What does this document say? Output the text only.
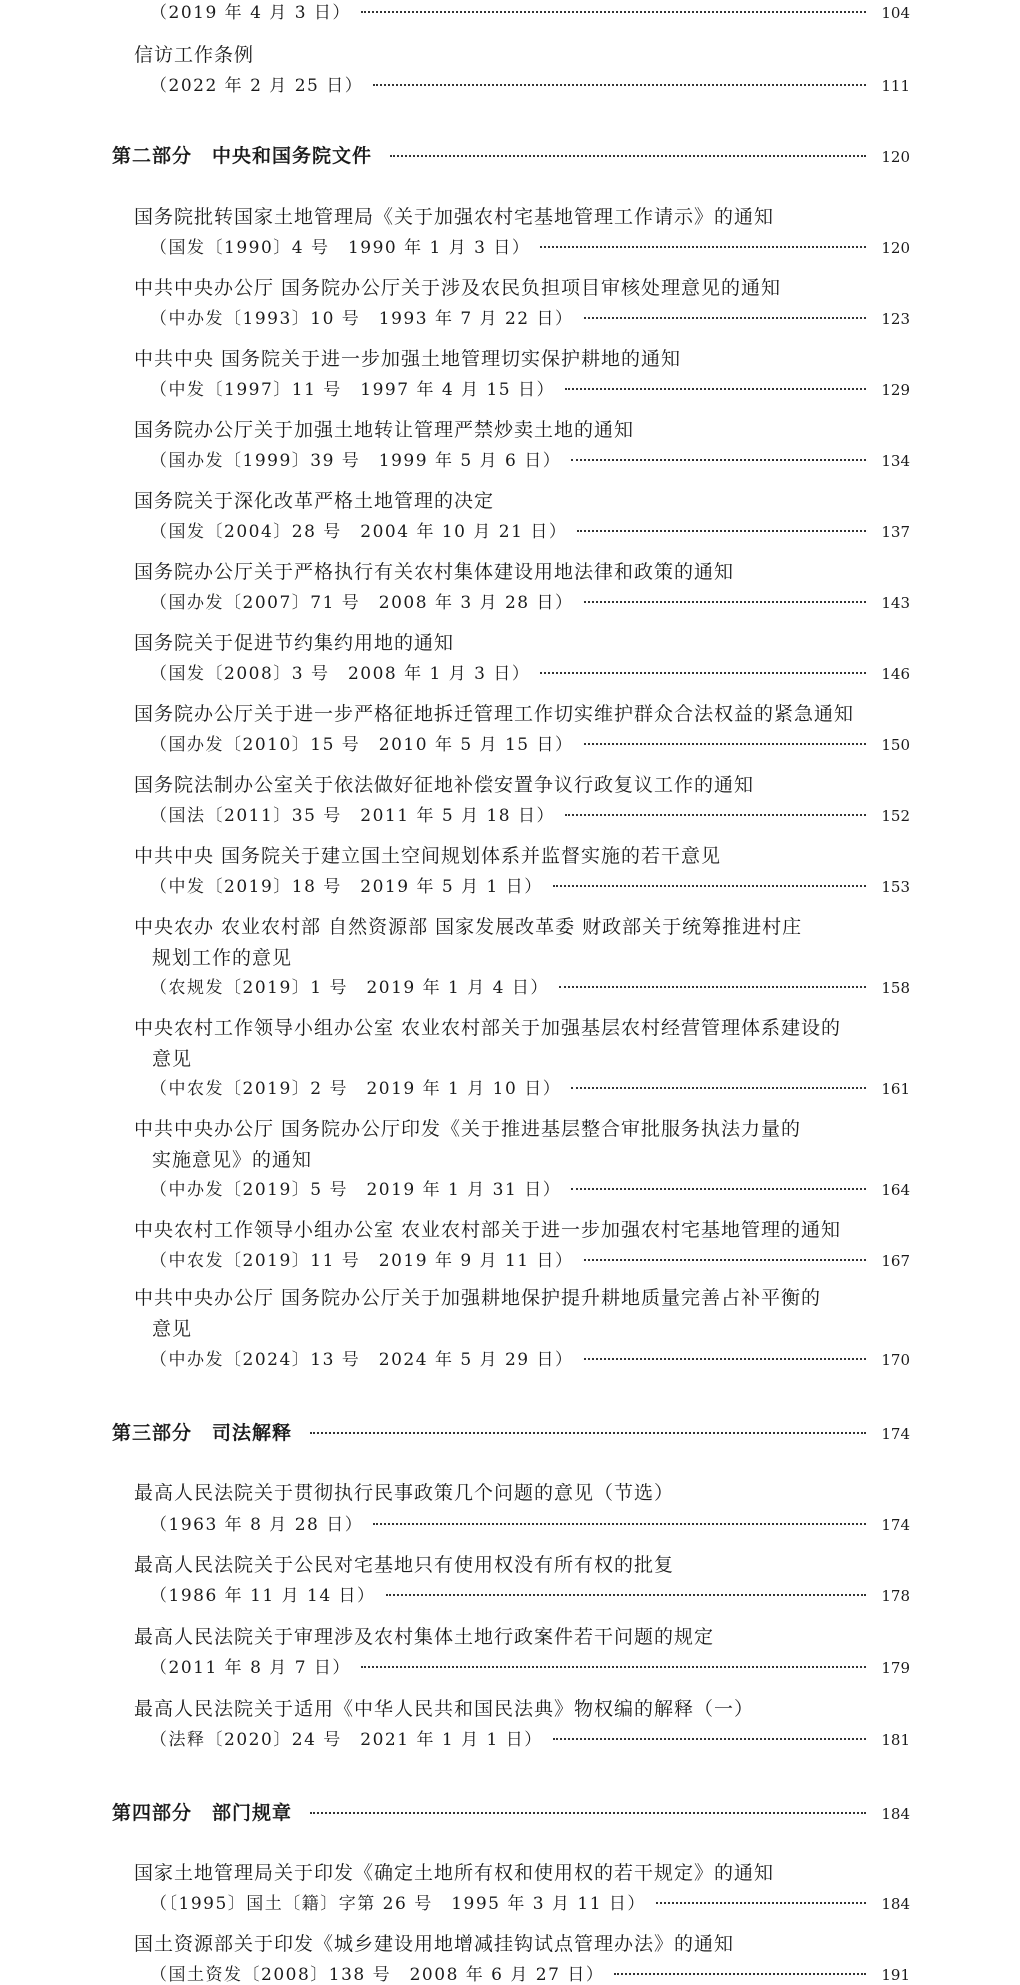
（2019 年 4 月 3 日）	104
信访工作条例
（2022 年 2 月 25 日）	111
第二部分　中央和国务院文件	120
国务院批转国家土地管理局《关于加强农村宅基地管理工作请示》的通知
（国发〔1990〕4 号　1990 年 1 月 3 日）	120
中共中央办公厅 国务院办公厅关于涉及农民负担项目审核处理意见的通知
（中办发〔1993〕10 号　1993 年 7 月 22 日）	123
中共中央 国务院关于进一步加强土地管理切实保护耕地的通知
（中发〔1997〕11 号　1997 年 4 月 15 日）	129
国务院办公厅关于加强土地转让管理严禁炒卖土地的通知
（国办发〔1999〕39 号　1999 年 5 月 6 日）	134
国务院关于深化改革严格土地管理的决定
（国发〔2004〕28 号　2004 年 10 月 21 日）	137
国务院办公厅关于严格执行有关农村集体建设用地法律和政策的通知
（国办发〔2007〕71 号　2008 年 3 月 28 日）	143
国务院关于促进节约集约用地的通知
（国发〔2008〕3 号　2008 年 1 月 3 日）	146
国务院办公厅关于进一步严格征地拆迁管理工作切实维护群众合法权益的紧急通知
（国办发〔2010〕15 号　2010 年 5 月 15 日）	150
国务院法制办公室关于依法做好征地补偿安置争议行政复议工作的通知
（国法〔2011〕35 号　2011 年 5 月 18 日）	152
中共中央 国务院关于建立国土空间规划体系并监督实施的若干意见
（中发〔2019〕18 号　2019 年 5 月 1 日）	153
中央农办 农业农村部 自然资源部 国家发展改革委 财政部关于统筹推进村庄
规划工作的意见
（农规发〔2019〕1 号　2019 年 1 月 4 日）	158
中央农村工作领导小组办公室 农业农村部关于加强基层农村经营管理体系建设的
意见
（中农发〔2019〕2 号　2019 年 1 月 10 日）	161
中共中央办公厅 国务院办公厅印发《关于推进基层整合审批服务执法力量的
实施意见》的通知
（中办发〔2019〕5 号　2019 年 1 月 31 日）	164
中央农村工作领导小组办公室 农业农村部关于进一步加强农村宅基地管理的通知
（中农发〔2019〕11 号　2019 年 9 月 11 日）	167
中共中央办公厅 国务院办公厅关于加强耕地保护提升耕地质量完善占补平衡的
意见
（中办发〔2024〕13 号　2024 年 5 月 29 日）	170
第三部分　司法解释	174
最高人民法院关于贯彻执行民事政策几个问题的意见（节选）
（1963 年 8 月 28 日）	174
最高人民法院关于公民对宅基地只有使用权没有所有权的批复
（1986 年 11 月 14 日）	178
最高人民法院关于审理涉及农村集体土地行政案件若干问题的规定
（2011 年 8 月 7 日）	179
最高人民法院关于适用《中华人民共和国民法典》物权编的解释（一）
（法释〔2020〕24 号　2021 年 1 月 1 日）	181
第四部分　部门规章	184
国家土地管理局关于印发《确定土地所有权和使用权的若干规定》的通知
（〔1995〕国土〔籍〕字第 26 号　1995 年 3 月 11 日）	184
国土资源部关于印发《城乡建设用地增减挂钩试点管理办法》的通知
（国土资发〔2008〕138 号　2008 年 6 月 27 日）	191
